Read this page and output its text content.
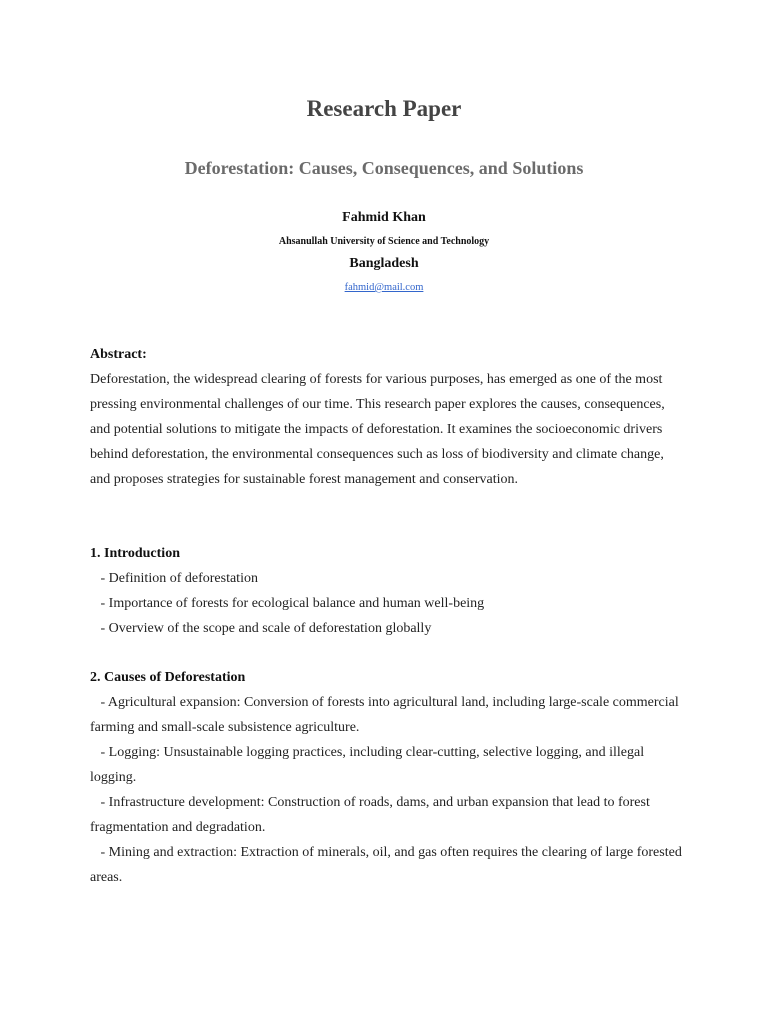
Research Paper
Deforestation: Causes, Consequences, and Solutions
Fahmid Khan
Ahsanullah University of Science and Technology
Bangladesh
fahmid@mail.com
Abstract:
Deforestation, the widespread clearing of forests for various purposes, has emerged as one of the most pressing environmental challenges of our time. This research paper explores the causes, consequences, and potential solutions to mitigate the impacts of deforestation. It examines the socioeconomic drivers behind deforestation, the environmental consequences such as loss of biodiversity and climate change, and proposes strategies for sustainable forest management and conservation.
1. Introduction
- Definition of deforestation
- Importance of forests for ecological balance and human well-being
- Overview of the scope and scale of deforestation globally
2. Causes of Deforestation
- Agricultural expansion: Conversion of forests into agricultural land, including large-scale commercial farming and small-scale subsistence agriculture.
- Logging: Unsustainable logging practices, including clear-cutting, selective logging, and illegal logging.
- Infrastructure development: Construction of roads, dams, and urban expansion that lead to forest fragmentation and degradation.
- Mining and extraction: Extraction of minerals, oil, and gas often requires the clearing of large forested areas.
